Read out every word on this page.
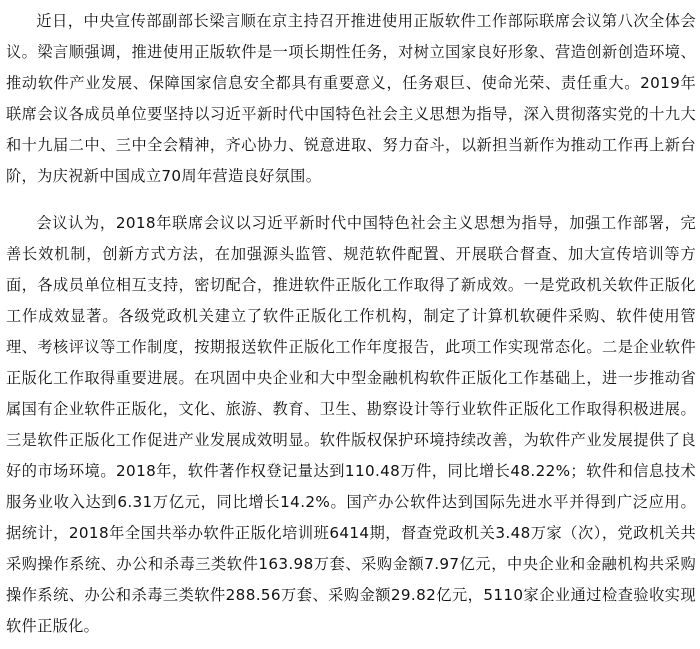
近日，中央宣传部副部长梁言顺在京主持召开推进使用正版软件工作部际联席会议第八次全体会议。梁言顺强调，推进使用正版软件是一项长期性任务，对树立国家良好形象、营造创新创造环境、推动软件产业发展、保障国家信息安全都具有重要意义，任务艰巨、使命光荣、责任重大。2019年联席会议各成员单位要坚持以习近平新时代中国特色社会主义思想为指导，深入贯彻落实党的十九大和十九届二中、三中全会精神，齐心协力、锐意进取、努力奋斗，以新担当新作为推动工作再上新台阶，为庆祝新中国成立70周年营造良好氛围。

会议认为，2018年联席会议以习近平新时代中国特色社会主义思想为指导，加强工作部署，完善长效机制，创新方式方法，在加强源头监管、规范软件配置、开展联合督查、加大宣传培训等方面，各成员单位相互支持，密切配合，推进软件正版化工作取得了新成效。一是党政机关软件正版化工作成效显著。各级党政机关建立了软件正版化工作机构，制定了计算机软硬件采购、软件使用管理、考核评议等工作制度，按期报送软件正版化工作年度报告，此项工作实现常态化。二是企业软件正版化工作取得重要进展。在巩固中央企业和大中型金融机构软件正版化工作基础上，进一步推动省属国有企业软件正版化，文化、旅游、教育、卫生、勘察设计等行业软件正版化工作取得积极进展。三是软件正版化工作促进产业发展成效明显。软件版权保护环境持续改善，为软件产业发展提供了良好的市场环境。2018年，软件著作权登记量达到110.48万件，同比增长48.22%；软件和信息技术服务业收入达到6.31万亿元，同比增长14.2%。国产办公软件达到国际先进水平并得到广泛应用。据统计，2018年全国共举办软件正版化培训班6414期，督查党政机关3.48万家（次），党政机关共采购操作系统、办公和杀毒三类软件163.98万套、采购金额7.97亿元，中央企业和金融机构共采购操作系统、办公和杀毒三类软件288.56万套、采购金额29.82亿元，5110家企业通过检查验收实现软件正版化。
